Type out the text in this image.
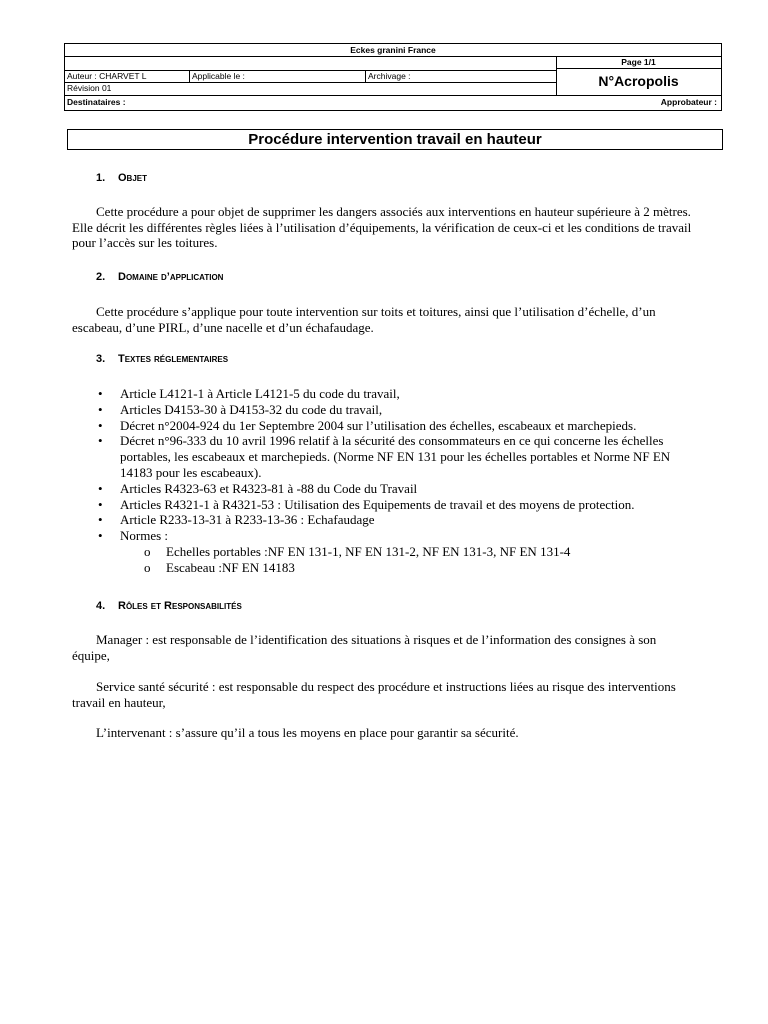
Eckes granini France
Page 1/1
Auteur : CHARVET L	Applicable le :	Archivage :	N°Acropolis
Révision 01
Destinataires :	Approbateur :
Procédure intervention travail en hauteur
1. Objet
Cette procédure a pour objet de supprimer les dangers associés aux interventions en hauteur supérieure à 2 mètres. Elle décrit les différentes règles liées à l’utilisation d’équipements, la vérification de ceux-ci et les conditions de travail pour l’accès sur les toitures.
2. Domaine d’application
Cette procédure s’applique pour toute intervention sur toits et toitures, ainsi que l’utilisation d’échelle, d’un escabeau, d’une PIRL, d’une nacelle et d’un échafaudage.
3. Textes réglementaires
• Article L4121-1 à Article L4121-5 du code du travail,
• Articles D4153-30 à D4153-32 du code du travail,
• Décret n°2004-924 du 1er Septembre 2004 sur l’utilisation des échelles, escabeaux et marchepieds.
• Décret n°96-333 du 10 avril 1996 relatif à la sécurité des consommateurs en ce qui concerne les échelles portables, les escabeaux et marchepieds. (Norme NF EN 131 pour les échelles portables et Norme NF EN 14183 pour les escabeaux).
• Articles R4323-63 et R4323-81 à -88 du Code du Travail
• Articles R4321-1 à R4321-53 : Utilisation des Equipements de travail et des moyens de protection.
• Article R233-13-31 à R233-13-36 : Echafaudage
• Normes :
o Echelles portables :NF EN 131-1, NF EN 131-2, NF EN 131-3, NF EN 131-4
o Escabeau :NF EN 14183
4. Rôles et Responsabilités
Manager : est responsable de l’identification des situations à risques et de l’information des consignes à son équipe,
Service santé sécurité : est responsable du respect des procédure et instructions liées au risque des interventions travail en hauteur,
L’intervenant : s’assure qu’il a tous les moyens en place pour garantir sa sécurité.
